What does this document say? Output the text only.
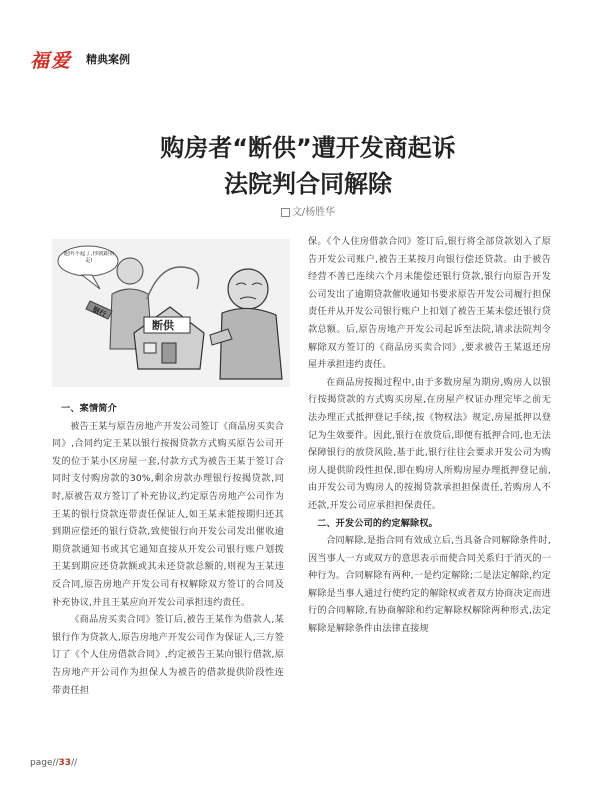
福爱 精典案例
购房者“断供”遭开发商起诉
法院判合同解除
文/杨胜华
他所不起了,你就跟着走!
银行
断供

一、案情简介

被告王某与原告房地产开发公司签订《商品房买卖合同》,合同约定王某以银行按揭贷款方式购买原告公司开发的位于某小区房屋一套,付款方式为被告王某于签订合同时支付购房款的30%,剩余房款办理银行按揭贷款,同时,原被告双方签订了补充协议,约定原告房地产公司作为王某的银行贷款连带责任保证人,如王某未能按期归还其到期应偿还的银行贷款,致使银行向开发公司发出催收逾期贷款通知书或其它通知直接从开发公司银行账户划拨王某到期应还贷款额或其未还贷款总额的,则视为王某违反合同,原告房地产开发公司有权解除双方签订的合同及补充协议,并且王某应向开发公司承担违约责任。

《商品房买卖合同》签订后,被告王某作为借款人,某银行作为贷款人,原告房地产开发公司作为保证人,三方签订了《个人住房借款合同》,约定被告王某向银行借款,原告房地产开公司作为担保人为被告的借款提供阶段性连带责任担

保。《个人住房借款合同》签订后,银行将全部贷款划入了原告开发公司账户,被告王某按月向银行偿还贷款。由于被告经营不善已连续六个月未能偿还银行贷款,银行向原告开发公司发出了逾期贷款催收通知书要求原告开发公司履行担保责任并从开发公司银行账户上扣划了被告王某未偿还银行贷款总额。后,原告房地产开发公司起诉至法院,请求法院判令解除双方签订的《商品房买卖合同》,要求被告王某返还房屋并承担违约责任。

在商品房按揭过程中,由于多数房屋为期房,购房人以银行按揭贷款的方式购买房屋,在房屋产权证办理完毕之前无法办理正式抵押登记手续,按《物权法》规定,房屋抵押以登记为生效要件。因此,银行在放贷后,即便有抵押合同,也无法保障银行的放贷风险,基于此,银行往往会要求开发公司为购房人提供阶段性担保,即在购房人所购房屋办理抵押登记前,由开发公司为购房人的按揭贷款承担担保责任,若购房人不还款,开发公司应承担担保责任。

二、开发公司的约定解除权。

合同解除,是指合同有效成立后,当具备合同解除条件时,因当事人一方或双方的意思表示而使合同关系归于消灭的一种行为。合同解除有两种,一是约定解除;二是法定解除,约定解除是当事人通过行使约定的解除权或者双方协商决定而进行的合同解除,有协商解除和约定解除权解除两种形式,法定解除是解除条件由法律直接规

page//33//
